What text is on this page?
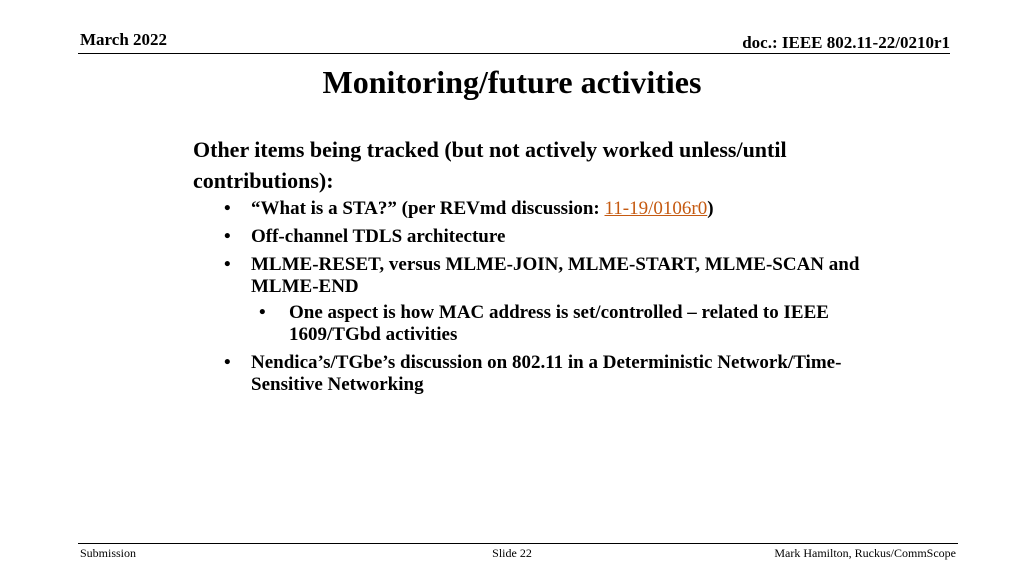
March 2022	doc.: IEEE 802.11-22/0210r1
Monitoring/future activities
Other items being tracked (but not actively worked unless/until contributions):
• “What is a STA?” (per REVmd discussion: 11-19/0106r0)
• Off-channel TDLS architecture
• MLME-RESET, versus MLME-JOIN, MLME-START, MLME-SCAN and MLME-END
• One aspect is how MAC address is set/controlled – related to IEEE 1609/TGbd activities
• Nendica’s/TGbe’s discussion on 802.11 in a Deterministic Network/Time-Sensitive Networking
Submission	Slide 22	Mark Hamilton, Ruckus/CommScope
